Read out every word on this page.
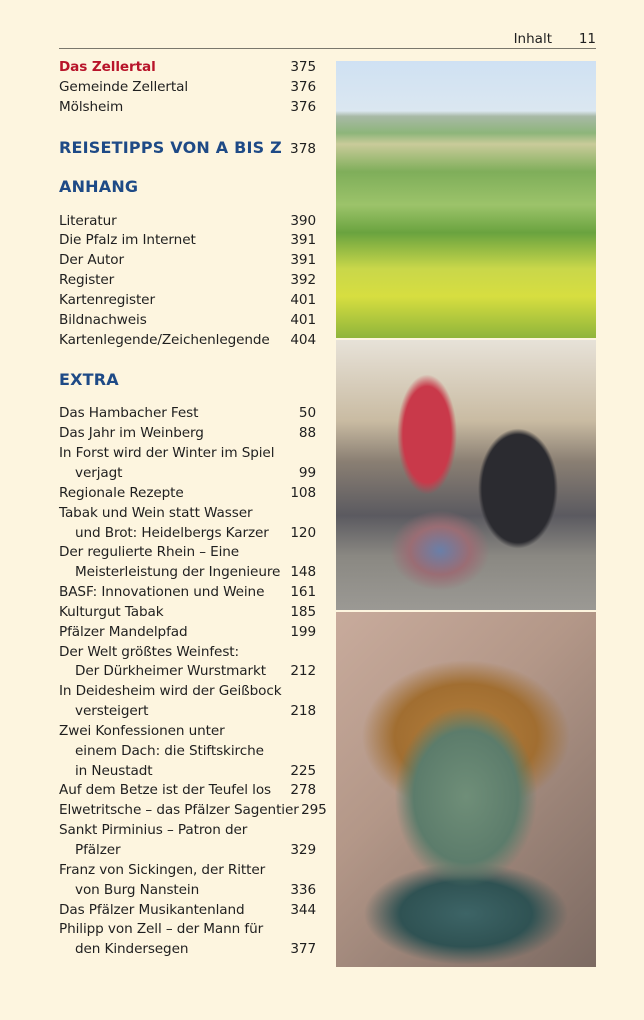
Inhalt 11
Das Zellertal	375
Gemeinde Zellertal	376
Mölsheim	376
REISETIPPS VON A BIS Z 378
ANHANG
Literatur	390
Die Pfalz im Internet	391
Der Autor	391
Register	392
Kartenregister	401
Bildnachweis	401
Kartenlegende/Zeichenlegende	404
EXTRA
Das Hambacher Fest	50
Das Jahr im Weinberg	88
In Forst wird der Winter im Spiel
verjagt	99
Regionale Rezepte	108
Tabak und Wein statt Wasser
und Brot: Heidelbergs Karzer	120
Der regulierte Rhein – Eine
Meisterleistung der Ingenieure 148
BASF: Innovationen und Weine	161
Kulturgut Tabak	185
Pfälzer Mandelpfad	199
Der Welt größtes Weinfest:
Der Dürkheimer Wurstmarkt	212
In Deidesheim wird der Geißbock
versteigert	218
Zwei Konfessionen unter
einem Dach: die Stiftskirche
in Neustadt	225
Auf dem Betze ist der Teufel los	278
Elwetritsche – das Pfälzer Sagentier 295
Sankt Pirminius – Patron der
Pfälzer	329
Franz von Sickingen, der Ritter
von Burg Nanstein	336
Das Pfälzer Musikantenland	344
Philipp von Zell – der Mann für
den Kindersegen	377
